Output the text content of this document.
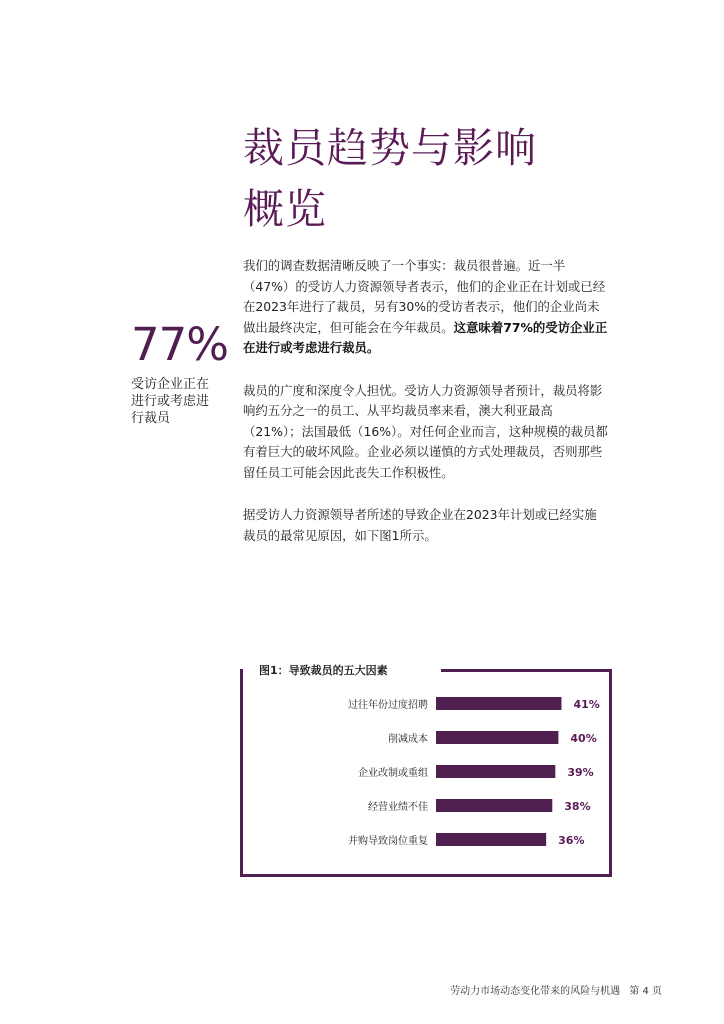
裁员趋势与影响
概览
77%
受访企业正在进行或考虑进行裁员

我们的调查数据清晰反映了一个事实：裁员很普遍。近一半（47%）的受访人力资源领导者表示，他们的企业正在计划或已经在2023年进行了裁员，另有30%的受访者表示，他们的企业尚未做出最终决定，但可能会在今年裁员。这意味着77%的受访企业正在进行或考虑进行裁员。

裁员的广度和深度令人担忧。受访人力资源领导者预计，裁员将影响约五分之一的员工、从平均裁员率来看，澳大利亚最高（21%）；法国最低（16%）。对任何企业而言，这种规模的裁员都有着巨大的破坏风险。企业必须以谨慎的方式处理裁员，否则那些留任员工可能会因此丧失工作积极性。

据受访人力资源领导者所述的导致企业在2023年计划或已经实施裁员的最常见原因，如下图1所示。

图1：导致裁员的五大因素
过往年份过度招聘	41%
削减成本	40%
企业改制或重组	39%
经营业绩不佳	38%
并购导致岗位重复	36%
劳动力市场动态变化带来的风险与机遇 第 4 页
